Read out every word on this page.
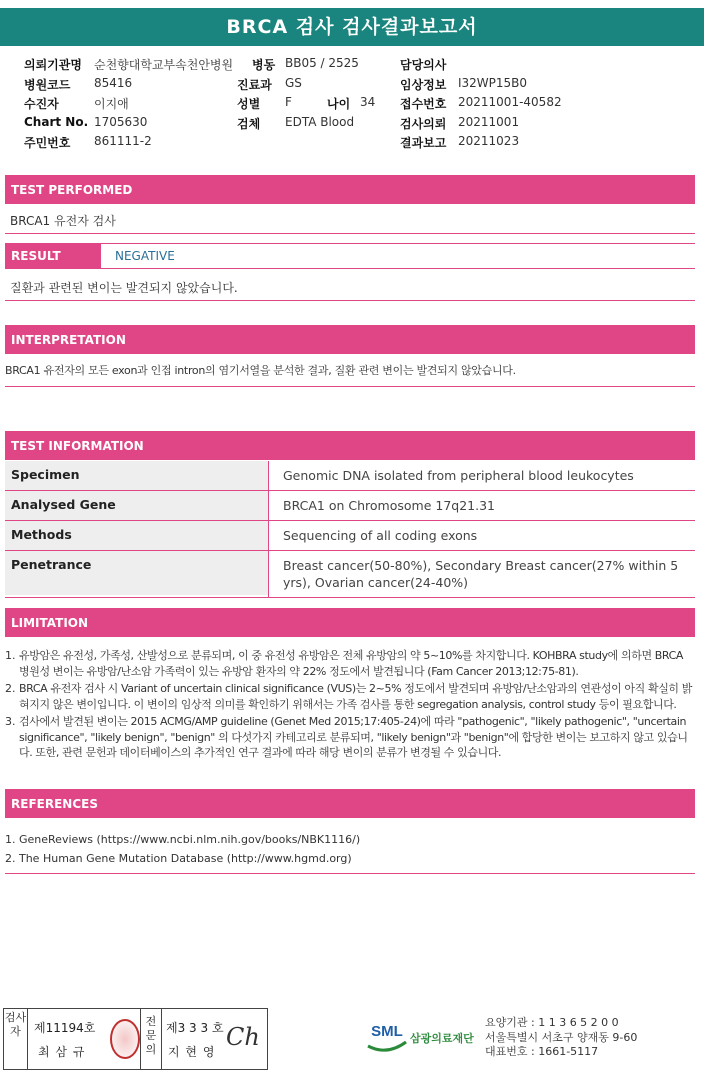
BRCA 검사 검사결과보고서
의뢰기관명 순천향대학교부속천안병원 병동 BB05 / 2525	담당의사
병원코드 85416	진료과 GS	임상정보 I32WP15B0
수진자	이지애	성별 F	나이 34 접수번호 20211001-40582
Chart No. 1705630	검체 EDTA Blood	검사의뢰 20211001
주민번호 861111-2	결과보고 20211023
TEST PERFORMED
BRCA1 유전자 검사
RESULT	NEGATIVE
질환과 관련된 변이는 발견되지 않았습니다.
INTERPRETATION
BRCA1 유전자의 모든 exon과 인접 intron의 염기서열을 분석한 결과, 질환 관련 변이는 발견되지 않았습니다.
TEST INFORMATION
Specimen	Genomic DNA isolated from peripheral blood leukocytes
Analysed Gene	BRCA1 on Chromosome 17q21.31
Methods	Sequencing of all coding exons
Penetrance	Breast cancer(50-80%), Secondary Breast cancer(27% within 5 yrs), Ovarian cancer(24-40%)
LIMITATION
1. 유방암은 유전성, 가족성, 산발성으로 분류되며, 이 중 유전성 유방암은 전체 유방암의 약 5~10%를 차지합니다. KOHBRA study에 의하면 BRCA 병원성 변이는 유방암/난소암 가족력이 있는 유방암 환자의 약 22% 정도에서 발견됩니다 (Fam Cancer 2013;12:75-81).
2. BRCA 유전자 검사 시 Variant of uncertain clinical significance (VUS)는 2~5% 정도에서 발견되며 유방암/난소암과의 연관성이 아직 확실히 밝혀지지 않은 변이입니다. 이 변이의 임상적 의미를 확인하기 위해서는 가족 검사를 통한 segregation analysis, control study 등이 필요합니다.
3. 검사에서 발견된 변이는 2015 ACMG/AMP guideline (Genet Med 2015;17:405-24)에 따라 "pathogenic", "likely pathogenic", "uncertain significance", "likely benign", "benign" 의 다섯가지 카테고리로 분류되며, "likely benign"과 "benign"에 합당한 변이는 보고하지 않고 있습니다. 또한, 관련 문헌과 데이터베이스의 추가적인 연구 결과에 따라 해당 변이의 분류가 변경될 수 있습니다.
REFERENCES
1. GeneReviews (https://www.ncbi.nlm.nih.gov/books/NBK1116/)
2. The Human Gene Mutation Database (http://www.hgmd.org)
검사자	제11194호
최 삼 규
전문의
제3 3 3 호
지 현 영
Ch	SML 삼광의료재단
요양기관 : 1 1 3 6 5 2 0 0
서울특별시 서초구 양재동 9-60
대표번호 : 1661-5117
